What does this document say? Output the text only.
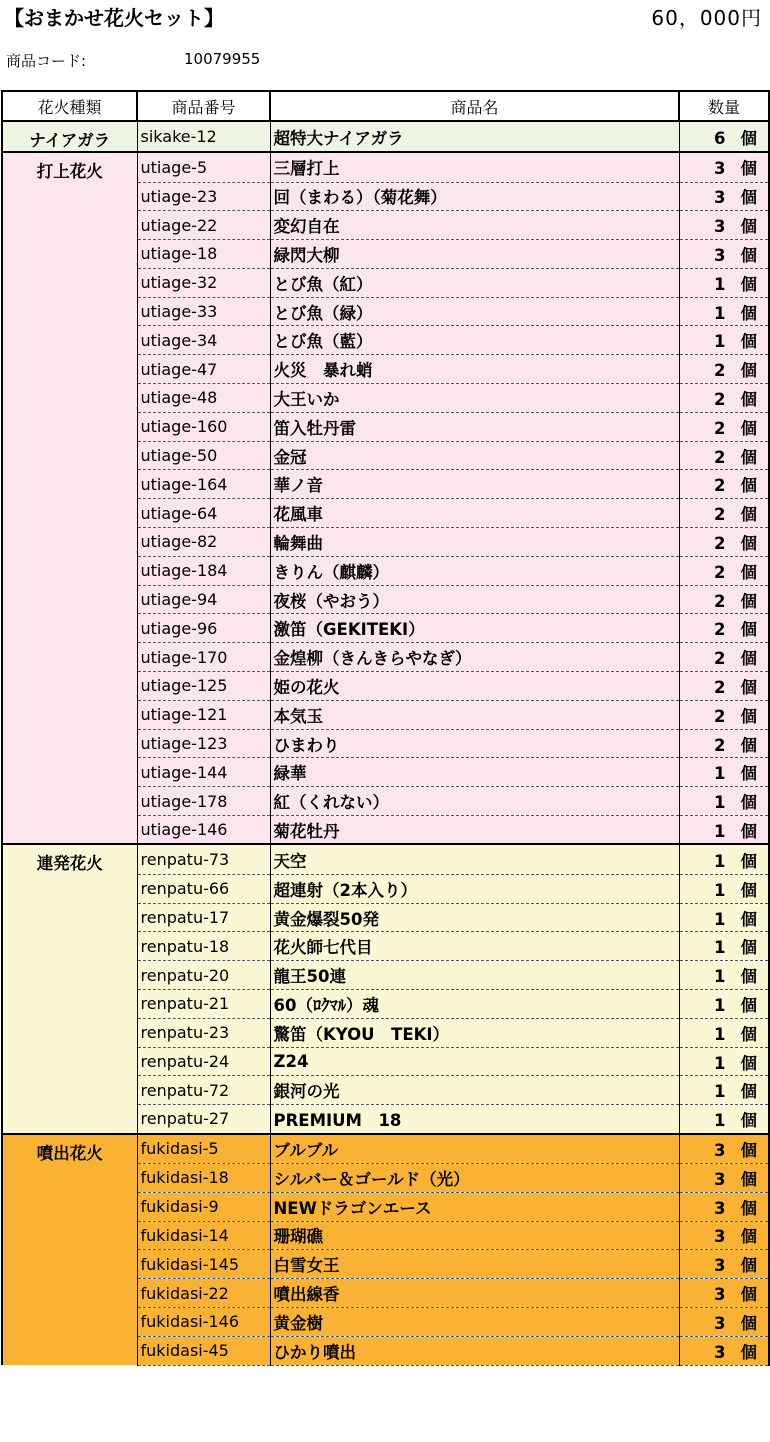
【おまかせ花火セット】	60，000円
商品コード:	10079955
花火種類	商品番号	商品名	数量
ナイアガラ	sikake-12	超特大ナイアガラ	6 個
打上花火	utiage-5	三層打上	3 個
	utiage-23	回（まわる）（菊花舞）	3 個
	utiage-22	変幻自在	3 個
	utiage-18	緑閃大柳	3 個
	utiage-32	とび魚（紅）	1 個
	utiage-33	とび魚（緑）	1 個
	utiage-34	とび魚（藍）	1 個
	utiage-47	火災　暴れ蛸	2 個
	utiage-48	大王いか	2 個
	utiage-160	笛入牡丹雷	2 個
	utiage-50	金冠	2 個
	utiage-164	華ノ音	2 個
	utiage-64	花風車	2 個
	utiage-82	輪舞曲	2 個
	utiage-184	きりん（麒麟）	2 個
	utiage-94	夜桜（やおう）	2 個
	utiage-96	激笛（GEKITEKI）	2 個
	utiage-170	金煌柳（きんきらやなぎ）	2 個
	utiage-125	姫の花火	2 個
	utiage-121	本気玉	2 個
	utiage-123	ひまわり	2 個
	utiage-144	緑華	1 個
	utiage-178	紅（くれない）	1 個
	utiage-146	菊花牡丹	1 個
連発花火	renpatu-73	天空	1 個
	renpatu-66	超連射（2本入り）	1 個
	renpatu-17	黄金爆裂50発	1 個
	renpatu-18	花火師七代目	1 個
	renpatu-20	龍王50連	1 個
	renpatu-21	60（ﾛｸﾏﾙ）魂	1 個
	renpatu-23	驚笛（KYOU　TEKI）	1 個
	renpatu-24	Z24	1 個
	renpatu-72	銀河の光	1 個
	renpatu-27	PREMIUM　18	1 個
噴出花火	fukidasi-5	ブルブル	3 個
	fukidasi-18	シルバー＆ゴールド（光）	3 個
	fukidasi-9	NEWドラゴンエース	3 個
	fukidasi-14	珊瑚礁	3 個
	fukidasi-145	白雪女王	3 個
	fukidasi-22	噴出線香	3 個
	fukidasi-146	黄金樹	3 個
	fukidasi-45	ひかり噴出	3 個
